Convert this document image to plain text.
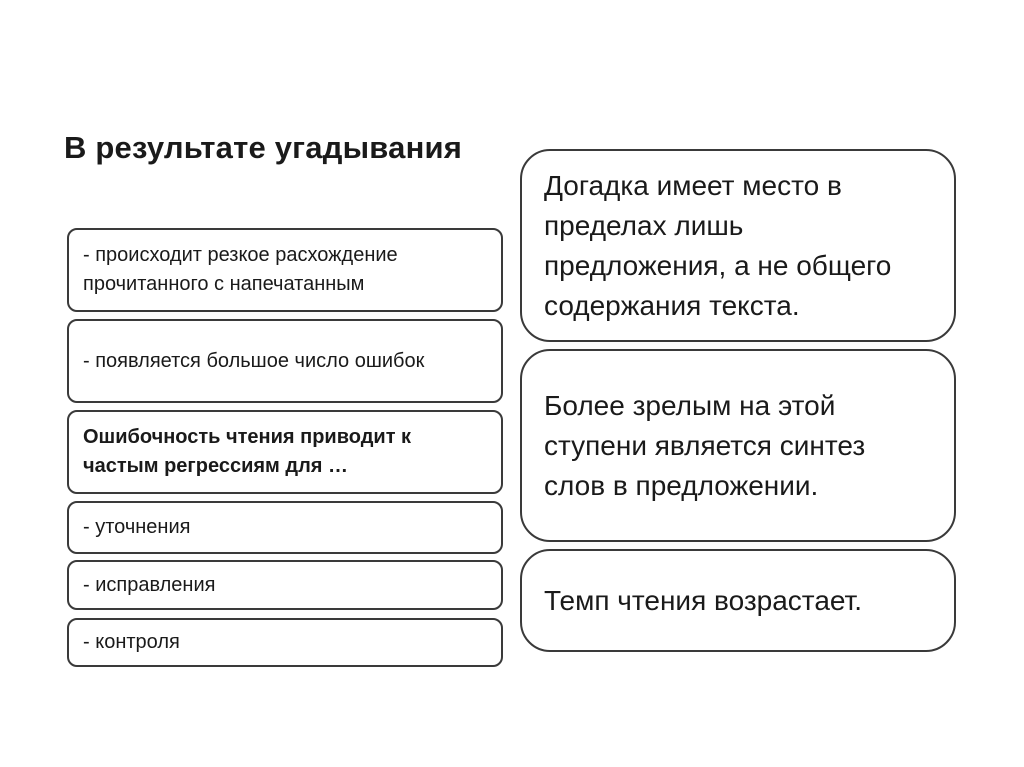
В результате угадывания
- происходит резкое расхождение прочитанного с напечатанным
- появляется большое число ошибок
Ошибочность чтения приводит к частым регрессиям для …
- уточнения
- исправления
- контроля
Догадка имеет место в пределах лишь предложения, а не общего содержания текста.
Более зрелым на этой ступени является синтез слов в предложении.
Темп чтения возрастает.
